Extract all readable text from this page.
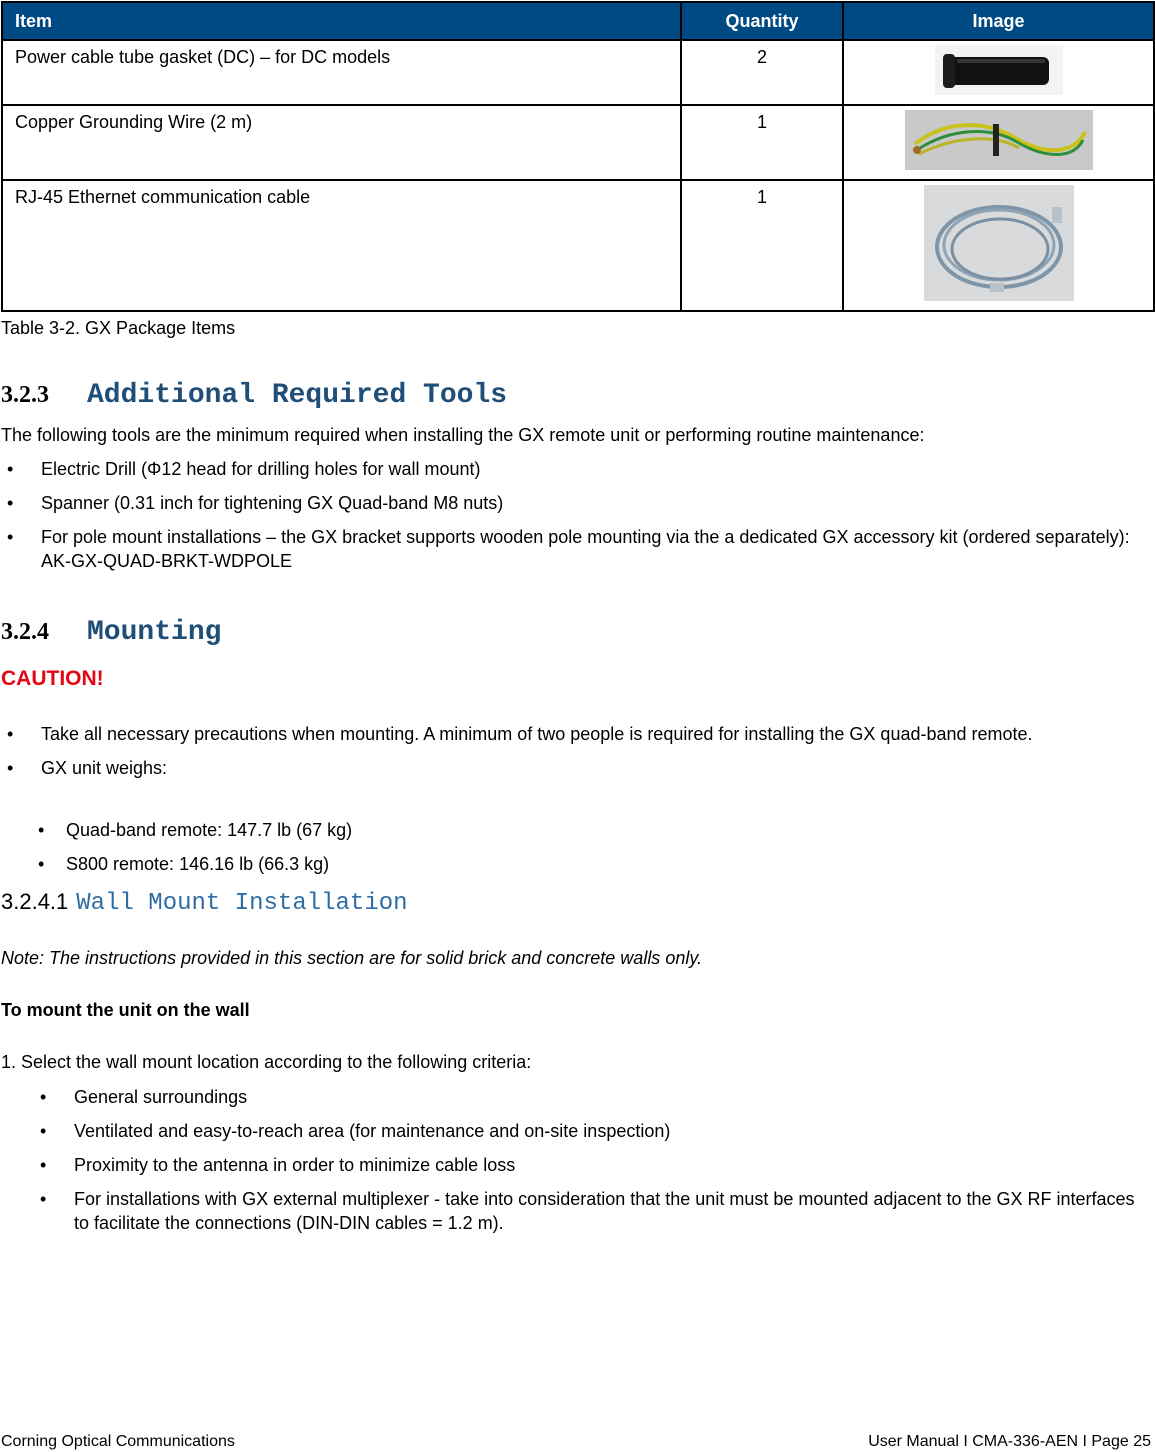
Item	Quantity	Image
Power cable tube gasket (DC) – for DC models	2	
Copper Grounding Wire (2 m)	1	
RJ-45 Ethernet communication cable	1	
Table 3-2. GX Package Items
3.2.3 Additional Required Tools
The following tools are the minimum required when installing the GX remote unit or performing routine maintenance:
• Electric Drill (Φ12 head for drilling holes for wall mount)
• Spanner (0.31 inch for tightening GX Quad-band M8 nuts)
• For pole mount installations – the GX bracket supports wooden pole mounting via the a dedicated GX accessory kit (ordered separately): AK-GX-QUAD-BRKT-WDPOLE
3.2.4 Mounting
CAUTION!
• Take all necessary precautions when mounting. A minimum of two people is required for installing the GX quad-band remote.
• GX unit weighs:
• Quad-band remote: 147.7 lb (67 kg)
• S800 remote: 146.16 lb (66.3 kg)
3.2.4.1 Wall Mount Installation
Note: The instructions provided in this section are for solid brick and concrete walls only.
To mount the unit on the wall
1. Select the wall mount location according to the following criteria:
• General surroundings
• Ventilated and easy-to-reach area (for maintenance and on-site inspection)
• Proximity to the antenna in order to minimize cable loss
• For installations with GX external multiplexer - take into consideration that the unit must be mounted adjacent to the GX RF interfaces to facilitate the connections (DIN-DIN cables = 1.2 m).
Corning Optical Communications	User Manual I CMA-336-AEN I Page 25
